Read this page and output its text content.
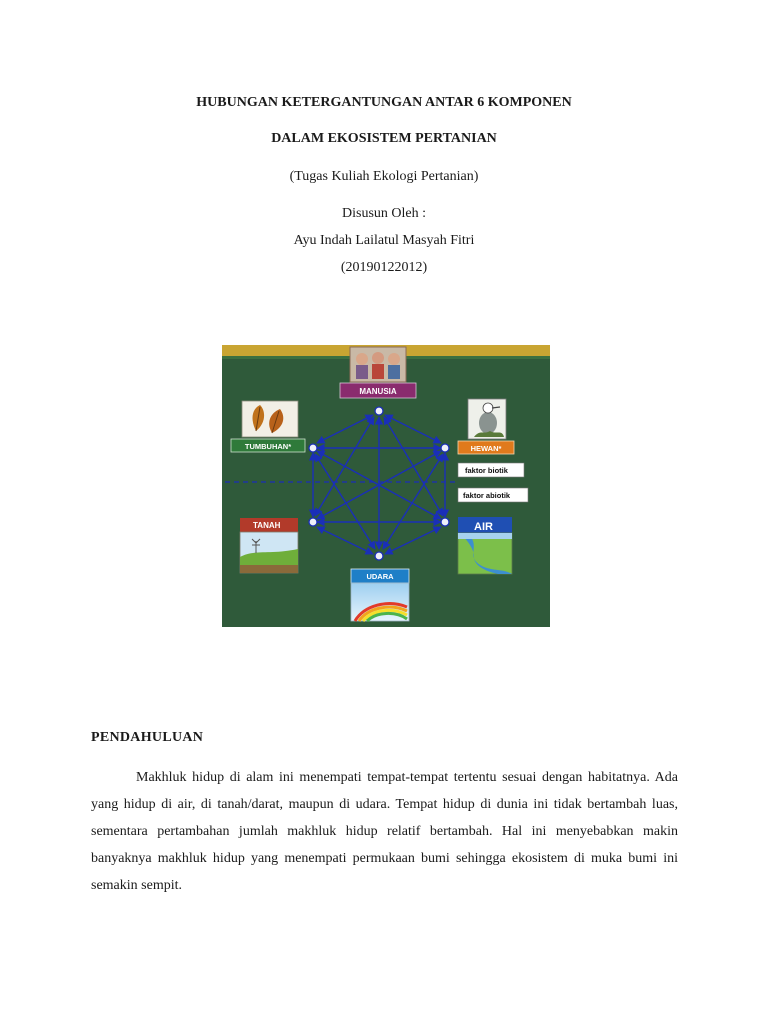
HUBUNGAN KETERGANTUNGAN ANTAR 6 KOMPONEN
DALAM EKOSISTEM PERTANIAN
(Tugas Kuliah Ekologi Pertanian)
Disusun Oleh :
Ayu Indah Lailatul Masyah Fitri
(20190122012)
MANUSIA
TUMBUHAN*	HEWAN*
faktor biotik
faktor abiotik
TANAH	AIR
UDARA
PENDAHULUAN

Makhluk hidup di alam ini menempati tempat-tempat tertentu sesuai dengan habitatnya. Ada yang hidup di air, di tanah/darat, maupun di udara. Tempat hidup di dunia ini tidak bertambah luas, sementara pertambahan jumlah makhluk hidup relatif bertambah. Hal ini menyebabkan makin banyaknya makhluk hidup yang menempati permukaan bumi sehingga ekosistem di muka bumi ini semakin sempit.
